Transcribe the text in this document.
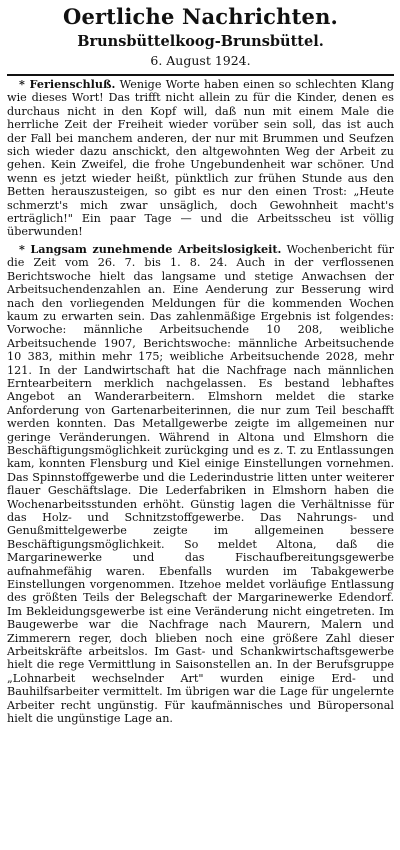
Oertliche Nachrichten.
Brunsbüttelkoog-Brunsbüttel.
6. August 1924.

* Ferienschluß. Wenige Worte haben einen so schlechten Klang wie dieses Wort! Das trifft nicht allein zu für die Kinder, denen es durchaus nicht in den Kopf will, daß nun mit einem Male die herrliche Zeit der Freiheit wieder vorüber sein soll, das ist auch der Fall bei manchem anderen, der nur mit Brummen und Seufzen sich wieder dazu anschickt, den altgewohnten Weg der Arbeit zu gehen. Kein Zweifel, die frohe Ungebundenheit war schöner. Und wenn es jetzt wieder heißt, pünktlich zur frühen Stunde aus den Betten herauszusteigen, so gibt es nur den einen Trost: „Heute schmerzt's mich zwar unsäglich, doch Gewohnheit macht's erträglich!" Ein paar Tage — und die Arbeitsscheu ist völlig überwunden!

* Langsam zunehmende Arbeitslosigkeit. Wochenbericht für die Zeit vom 26. 7. bis 1. 8. 24. Auch in der verflossenen Berichtswoche hielt das langsame und stetige Anwachsen der Arbeitsuchendenzahlen an. Eine Aenderung zur Besserung wird nach den vorliegenden Meldungen für die kommenden Wochen kaum zu erwarten sein. Das zahlenmäßige Ergebnis ist folgendes: Vorwoche: männliche Arbeitsuchende 10 208, weibliche Arbeitsuchende 1907, Berichtswoche: männliche Arbeitsuchende 10 383, mithin mehr 175; weibliche Arbeitsuchende 2028, mehr 121. In der Landwirtschaft hat die Nachfrage nach männlichen Erntearbeitern merklich nachgelassen. Es bestand lebhaftes Angebot an Wanderarbeitern. Elmshorn meldet die starke Anforderung von Gartenarbeiterinnen, die nur zum Teil beschafft werden konnten. Das Metallgewerbe zeigte im allgemeinen nur geringe Veränderungen. Während in Altona und Elmshorn die Beschäftigungsmöglichkeit zurückging und es z. T. zu Entlassungen kam, konnten Flensburg und Kiel einige Einstellungen vornehmen. Das Spinnstoffgewerbe und die Lederindustrie litten unter weiterer flauer Geschäftslage. Die Lederfabriken in Elmshorn haben die Wochenarbeitsstunden erhöht. Günstig lagen die Verhältnisse für das Holz- und Schnitzstoffgewerbe. Das Nahrungs- und Genußmittelgewerbe zeigte im allgemeinen bessere Beschäftigungsmöglichkeit. So meldet Altona, daß die Margarinewerke und das Fischaufbereitungsgewerbe aufnahmefähig waren. Ebenfalls wurden im Tabakgewerbe Einstellungen vorgenommen. Itzehoe meldet vorläufige Entlassung des größten Teils der Belegschaft der Margarinewerke Edendorf. Im Bekleidungsgewerbe ist eine Veränderung nicht eingetreten. Im Baugewerbe war die Nachfrage nach Maurern, Malern und Zimmerern reger, doch blieben noch eine größere Zahl dieser Arbeitskräfte arbeitslos. Im Gast- und Schankwirtschaftsgewerbe hielt die rege Vermittlung in Saisonstellen an. In der Berufsgruppe „Lohnarbeit wechselnder Art" wurden einige Erd- und Bauhilfsarbeiter vermittelt. Im übrigen war die Lage für ungelernte Arbeiter recht ungünstig. Für kaufmännisches und Büropersonal hielt die ungünstige Lage an.
